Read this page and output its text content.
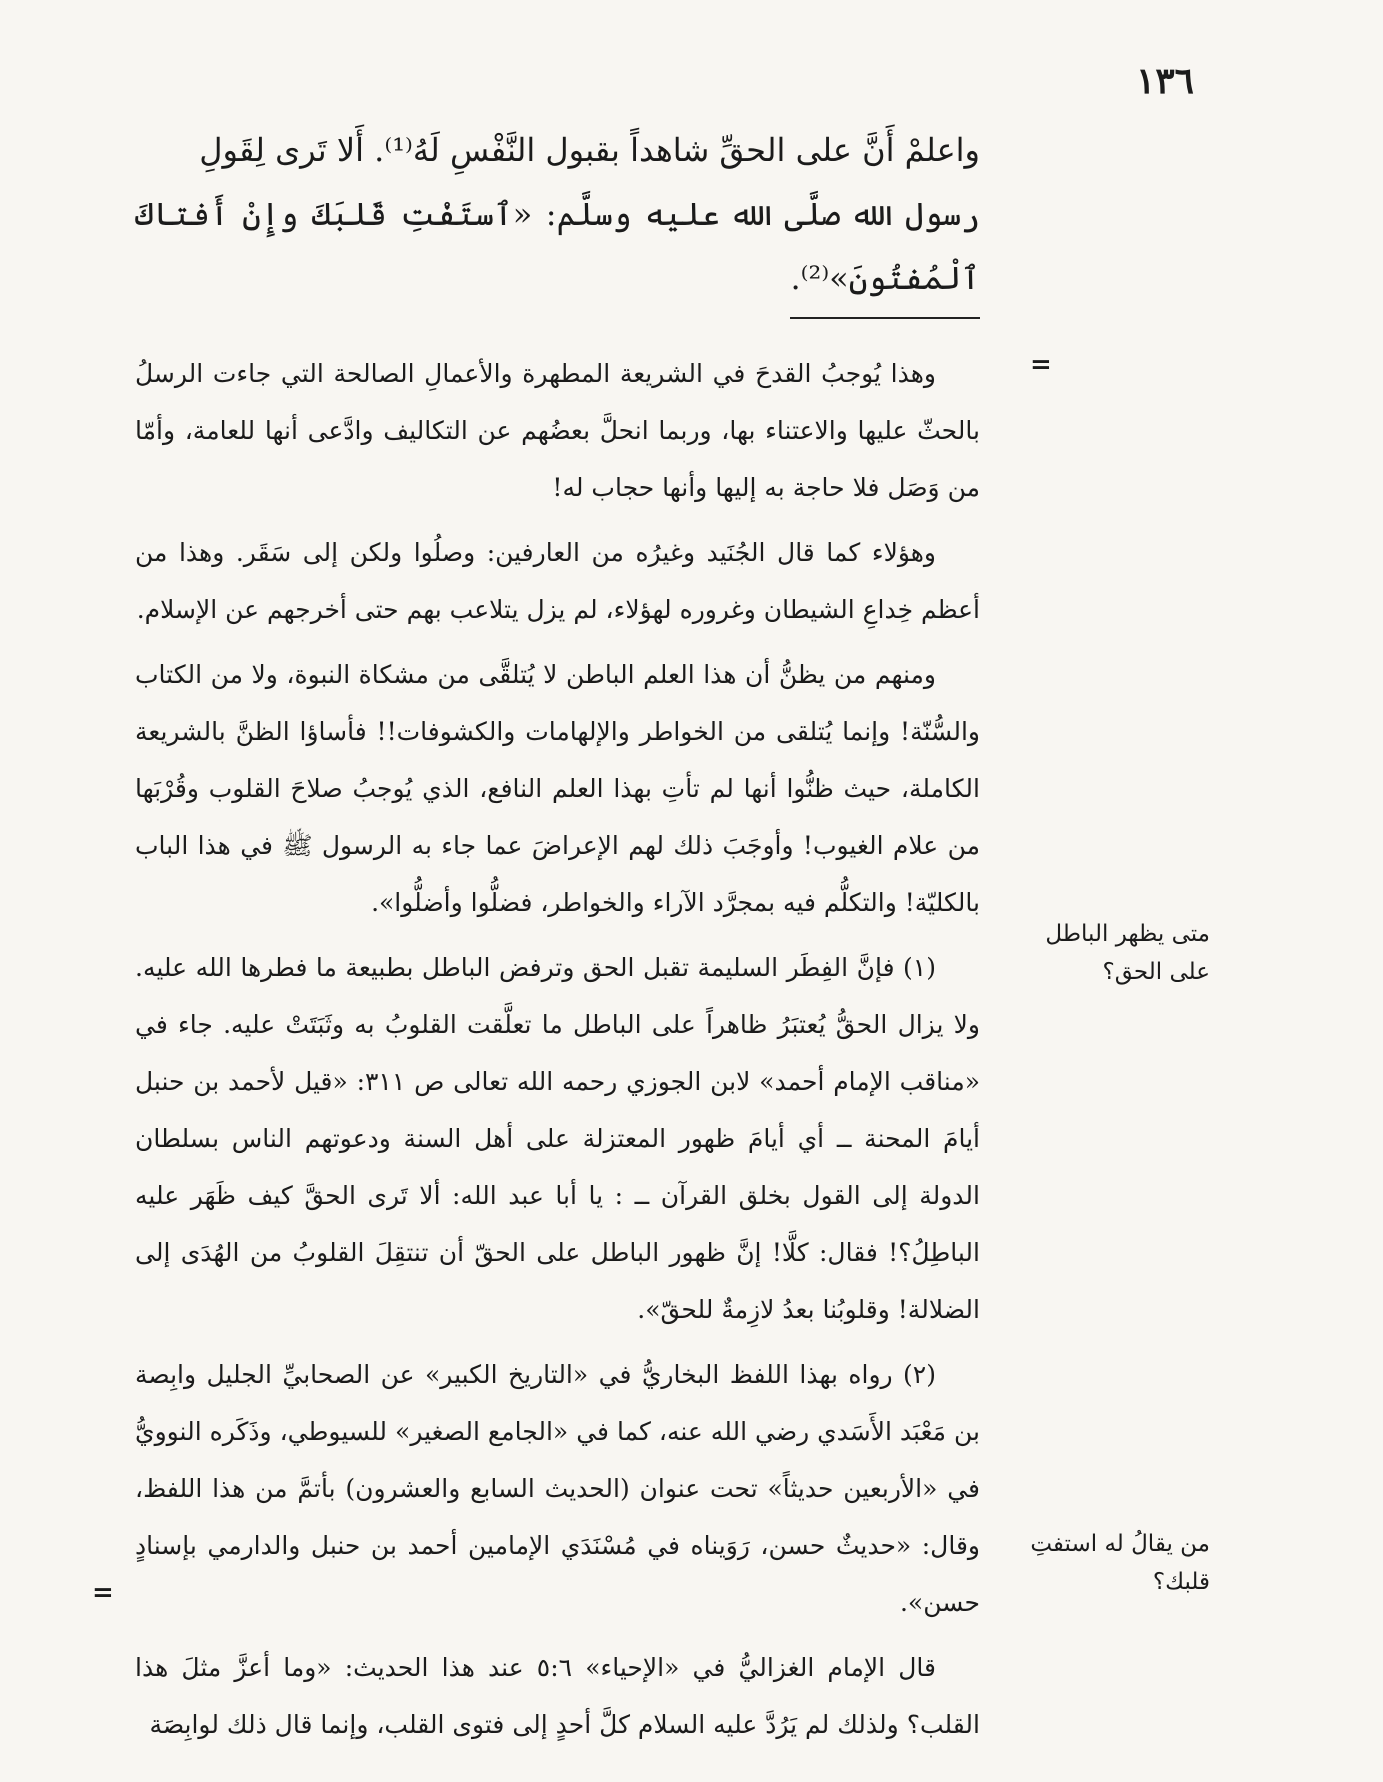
١٣٦

واعلمْ أَنَّ على الحقِّ شاهداً بقبول النَّفْسِ لَهُ⁽¹⁾. أَلا تَرى لِقَولِ

رسول الله صلَّى الله عليه وسلَّم: «ٱستَفْتِ قَلبَكَ وإِنْ أَفتاكَ ٱلْمُفتُونَ»⁽²⁾.

=

وهذا يُوجبُ القدحَ في الشريعة المطهرة والأعمالِ الصالحة التي جاءت الرسلُ بالحثّ عليها والاعتناء بها، وربما انحلَّ بعضُهم عن التكاليف وادَّعى أنها للعامة، وأمّا من وَصَل فلا حاجة به إليها وأنها حجاب له!

وهؤلاء كما قال الجُنَيد وغيرُه من العارفين: وصلُوا ولكن إلى سَقَر. وهذا من أعظم خِداعِ الشيطان وغروره لهؤلاء، لم يزل يتلاعب بهم حتى أخرجهم عن الإسلام.

ومنهم من يظنُّ أن هذا العلم الباطن لا يُتلقَّى من مشكاة النبوة، ولا من الكتاب والسُّنّة! وإنما يُتلقى من الخواطر والإلهامات والكشوفات!! فأساؤا الظنَّ بالشريعة الكاملة، حيث ظنُّوا أنها لم تأتِ بهذا العلم النافع، الذي يُوجبُ صلاحَ القلوب وقُرْبَها من علام الغيوب! وأوجَبَ ذلك لهم الإعراضَ عما جاء به الرسول ﷺ في هذا الباب بالكليّة! والتكلُّم فيه بمجرَّد الآراء والخواطر، فضلُّوا وأضلُّوا».

(١) فإنَّ الفِطَر السليمة تقبل الحق وترفض الباطل بطبيعة ما فطرها الله عليه. ولا يزال الحقُّ يُعتبَرُ ظاهراً على الباطل ما تعلَّقت القلوبُ به وثَبَتَتْ عليه. جاء في «مناقب الإمام أحمد» لابن الجوزي رحمه الله تعالى ص ٣١١: «قيل لأحمد بن حنبل أيامَ المحنة ــ أي أيامَ ظهور المعتزلة على أهل السنة ودعوتهم الناس بسلطان الدولة إلى القول بخلق القرآن ــ : يا أبا عبد الله: ألا تَرى الحقَّ كيف ظَهَر عليه الباطِلُ؟! فقال: كلَّا! إنَّ ظهور الباطل على الحقّ أن تنتقِلَ القلوبُ من الهُدَى إلى الضلالة! وقلوبُنا بعدُ لازِمةٌ للحقّ».

(٢) رواه بهذا اللفظ البخاريُّ في «التاريخ الكبير» عن الصحابيِّ الجليل وابِصة بن مَعْبَد الأَسَدي رضي الله عنه، كما في «الجامع الصغير» للسيوطي، وذَكَره النوويُّ في «الأربعين حديثاً» تحت عنوان (الحديث السابع والعشرون) بأتمَّ من هذا اللفظ، وقال: «حديثٌ حسن، رَوَيناه في مُسْنَدَي الإمامين أحمد بن حنبل والدارمي بإسنادٍ حسن».

قال الإمام الغزاليُّ في «الإحياء» ٥:٦ عند هذا الحديث: «وما أعزَّ مثلَ هذا القلب؟ ولذلك لم يَرُدَّ عليه السلام كلَّ أحدٍ إلى فتوى القلب، وإنما قال ذلك لوابِصَة

متى يظهر الباطل على الحق؟
من يقالُ له استفتِ قلبك؟
=
